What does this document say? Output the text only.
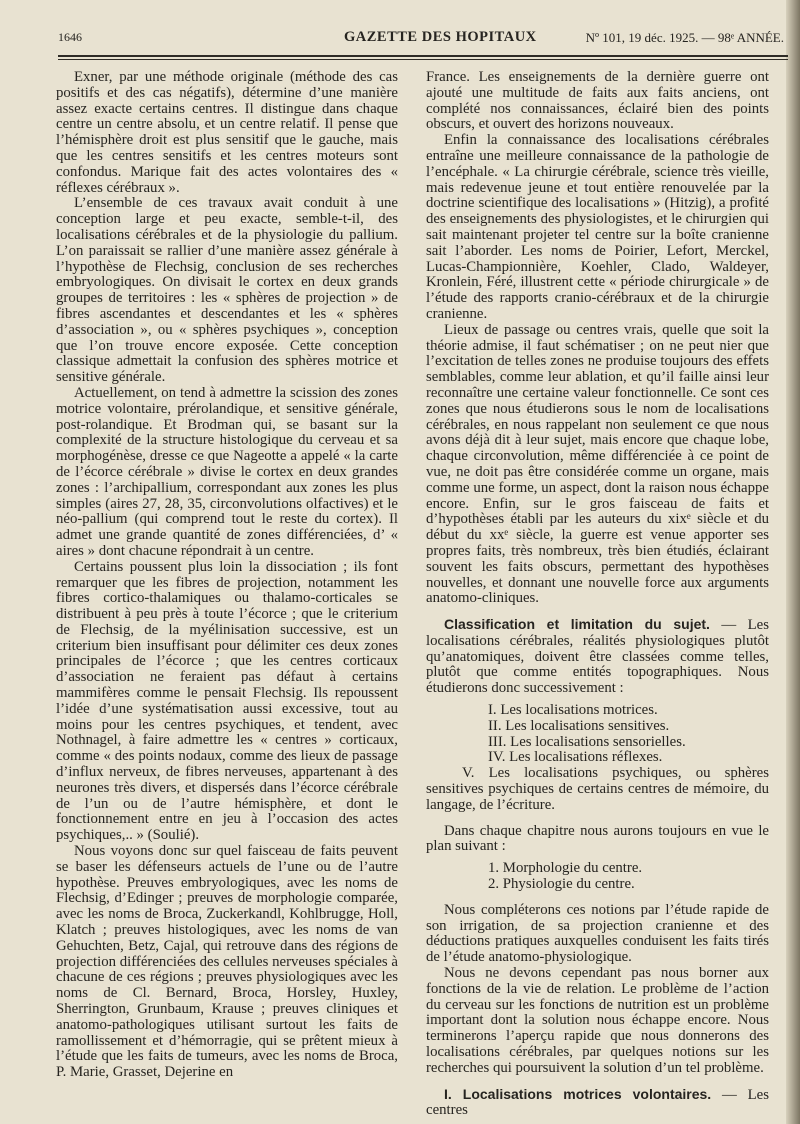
1646	GAZETTE DES HOPITAUX	Nº 101, 19 déc. 1925. — 98ᵉ ANNÉE.

Exner, par une méthode originale (méthode des cas positifs et des cas négatifs), détermine d’une manière assez exacte certains centres. Il distingue dans chaque centre un centre absolu, et un centre relatif. Il pense que l’hémisphère droit est plus sensitif que le gauche, mais que les centres sensitifs et les centres moteurs sont confondus. Marique fait des actes volontaires des « réflexes cérébraux ».

L’ensemble de ces travaux avait conduit à une conception large et peu exacte, semble-t-il, des localisations cérébrales et de la physiologie du pallium. L’on paraissait se rallier d’une manière assez générale à l’hypothèse de Flechsig, conclusion de ses recherches embryologiques. On divisait le cortex en deux grands groupes de territoires : les « sphères de projection » de fibres ascendantes et descendantes et les « sphères d’association », ou « sphères psychiques », conception que l’on trouve encore exposée. Cette conception classique admettait la confusion des sphères motrice et sensitive générale.

Actuellement, on tend à admettre la scission des zones motrice volontaire, prérolandique, et sensitive générale, post-rolandique. Et Brodman qui, se basant sur la complexité de la structure histologique du cerveau et sa morphogénèse, dresse ce que Nageotte a appelé « la carte de l’écorce cérébrale » divise le cortex en deux grandes zones : l’archipallium, correspondant aux zones les plus simples (aires 27, 28, 35, circonvolutions olfactives) et le néo-pallium (qui comprend tout le reste du cortex). Il admet une grande quantité de zones différenciées, d’ « aires » dont chacune répondrait à un centre.

Certains poussent plus loin la dissociation ; ils font remarquer que les fibres de projection, notamment les fibres cortico-thalamiques ou thalamo-corticales se distribuent à peu près à toute l’écorce ; que le criterium de Flechsig, de la myélinisation successive, est un criterium bien insuffisant pour délimiter ces deux zones principales de l’écorce ; que les centres corticaux d’association ne feraient pas défaut à certains mammifères comme le pensait Flechsig. Ils repoussent l’idée d’une systématisation aussi excessive, tout au moins pour les centres psychiques, et tendent, avec Nothnagel, à faire admettre les « centres » corticaux, comme « des points nodaux, comme des lieux de passage d’influx nerveux, de fibres nerveuses, appartenant à des neurones très divers, et dispersés dans l’écorce cérébrale de l’un ou de l’autre hémisphère, et dont le fonctionnement entre en jeu à l’occasion des actes psychiques,.. » (Soulié).

Nous voyons donc sur quel faisceau de faits peuvent se baser les défenseurs actuels de l’une ou de l’autre hypothèse. Preuves embryologiques, avec les noms de Flechsig, d’Edinger ; preuves de morphologie comparée, avec les noms de Broca, Zuckerkandl, Kohlbrugge, Holl, Klatch ; preuves histologiques, avec les noms de van Gehuchten, Betz, Cajal, qui retrouve dans des régions de projection différenciées des cellules nerveuses spéciales à chacune de ces régions ; preuves physiologiques avec les noms de Cl. Bernard, Broca, Horsley, Huxley, Sherrington, Grunbaum, Krause ; preuves cliniques et anatomo-pathologiques utilisant surtout les faits de ramollissement et d’hémorragie, qui se prêtent mieux à l’étude que les faits de tumeurs, avec les noms de Broca, P. Marie, Grasset, Dejerine en

France. Les enseignements de la dernière guerre ont ajouté une multitude de faits aux faits anciens, ont complété nos connaissances, éclairé bien des points obscurs, et ouvert des horizons nouveaux.

Enfin la connaissance des localisations cérébrales entraîne une meilleure connaissance de la pathologie de l’encéphale. « La chirurgie cérébrale, science très vieille, mais redevenue jeune et tout entière renouvelée par la doctrine scientifique des localisations » (Hitzig), a profité des enseignements des physiologistes, et le chirurgien qui sait maintenant projeter tel centre sur la boîte cranienne sait l’aborder. Les noms de Poirier, Lefort, Merckel, Lucas-Championnière, Koehler, Clado, Waldeyer, Kronlein, Féré, illustrent cette « période chirurgicale » de l’étude des rapports cranio-cérébraux et de la chirurgie cranienne.

Lieux de passage ou centres vrais, quelle que soit la théorie admise, il faut schématiser ; on ne peut nier que l’excitation de telles zones ne produise toujours des effets semblables, comme leur ablation, et qu’il faille ainsi leur reconnaître une certaine valeur fonctionnelle. Ce sont ces zones que nous étudierons sous le nom de localisations cérébrales, en nous rappelant non seulement ce que nous avons déjà dit à leur sujet, mais encore que chaque lobe, chaque circonvolution, même différenciée à ce point de vue, ne doit pas être considérée comme un organe, mais comme une forme, un aspect, dont la raison nous échappe encore. Enfin, sur le gros faisceau de faits et d’hypothèses établi par les auteurs du xixᵉ siècle et du début du xxᵉ siècle, la guerre est venue apporter ses propres faits, très nombreux, très bien étudiés, éclairant souvent les faits obscurs, permettant des hypothèses nouvelles, et donnant une nouvelle force aux arguments anatomo-cliniques.

Classification et limitation du sujet. — Les localisations cérébrales, réalités physiologiques plutôt qu’anatomiques, doivent être classées comme telles, plutôt que comme entités topographiques. Nous étudierons donc successivement :

I. Les localisations motrices.

II. Les localisations sensitives.

III. Les localisations sensorielles.

IV. Les localisations réflexes.

V. Les localisations psychiques, ou sphères sensitives psychiques de certains centres de mémoire, du langage, de l’écriture.

Dans chaque chapitre nous aurons toujours en vue le plan suivant :

1. Morphologie du centre.

2. Physiologie du centre.

Nous compléterons ces notions par l’étude rapide de son irrigation, de sa projection cranienne et des déductions pratiques auxquelles conduisent les faits tirés de l’étude anatomo-physiologique.

Nous ne devons cependant pas nous borner aux fonctions de la vie de relation. Le problème de l’action du cerveau sur les fonctions de nutrition est un problème important dont la solution nous échappe encore. Nous terminerons l’aperçu rapide que nous donnerons des localisations cérébrales, par quelques notions sur les recherches qui poursuivent la solution d’un tel problème.

I. Localisations motrices volontaires. — Les centres
